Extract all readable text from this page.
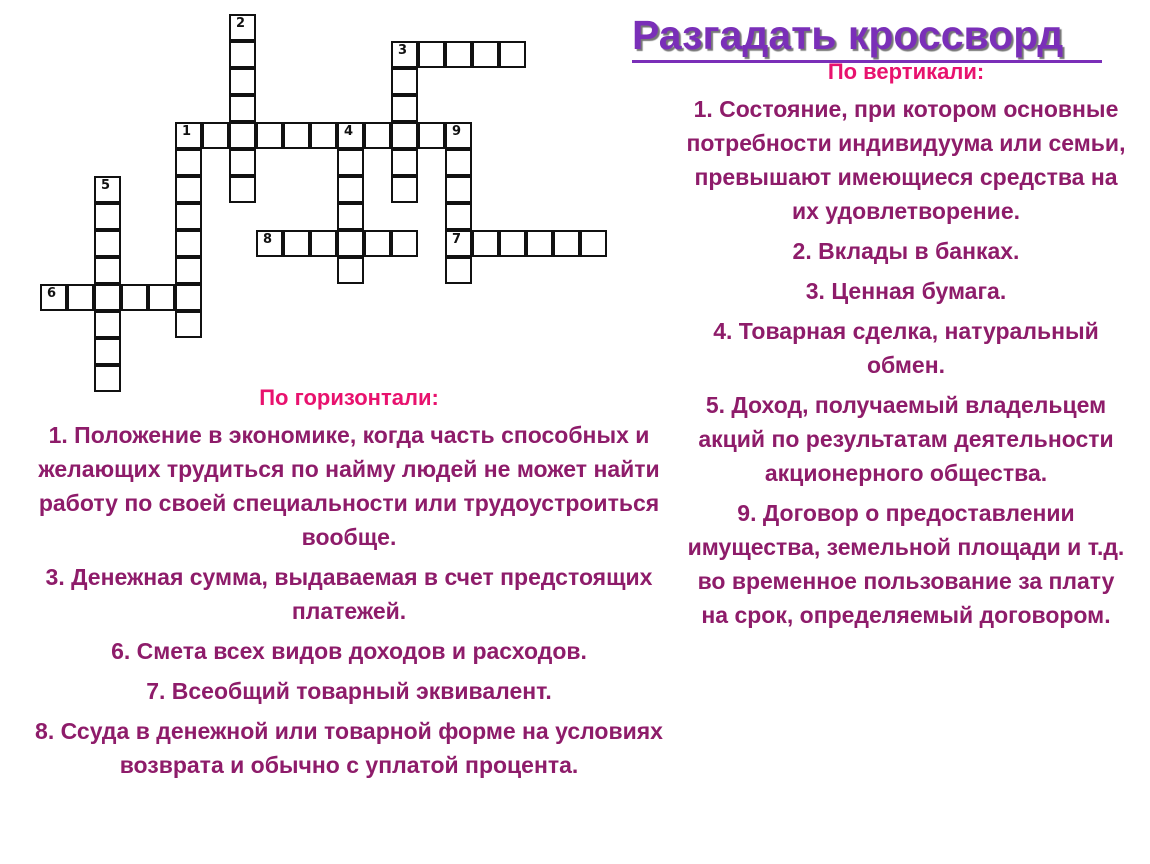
2
3
1	4	9
7
5
8
6
Разгадать кроссворд
По вертикали:

1. Состояние, при котором основные потребности индивидуума или семьи, превышают имеющиеся средства на их удовлетворение.

2. Вклады в банках.

3. Ценная бумага.

4. Товарная сделка, натуральный обмен.

5. Доход, получаемый владельцем акций по результатам деятельности акционерного общества.

9. Договор о предоставлении имущества, земельной площади и т.д. во временное пользование за плату на срок, определяемый договором.

По горизонтали:

1. Положение в экономике, когда часть способных и желающих трудиться по найму людей не может найти работу по своей специальности или трудоустроиться вообще.

3. Денежная сумма, выдаваемая в счет предстоящих платежей.

6. Смета всех видов доходов и расходов.

7. Всеобщий товарный эквивалент.

8. Ссуда в денежной или товарной форме на условиях возврата и обычно с уплатой процента.
